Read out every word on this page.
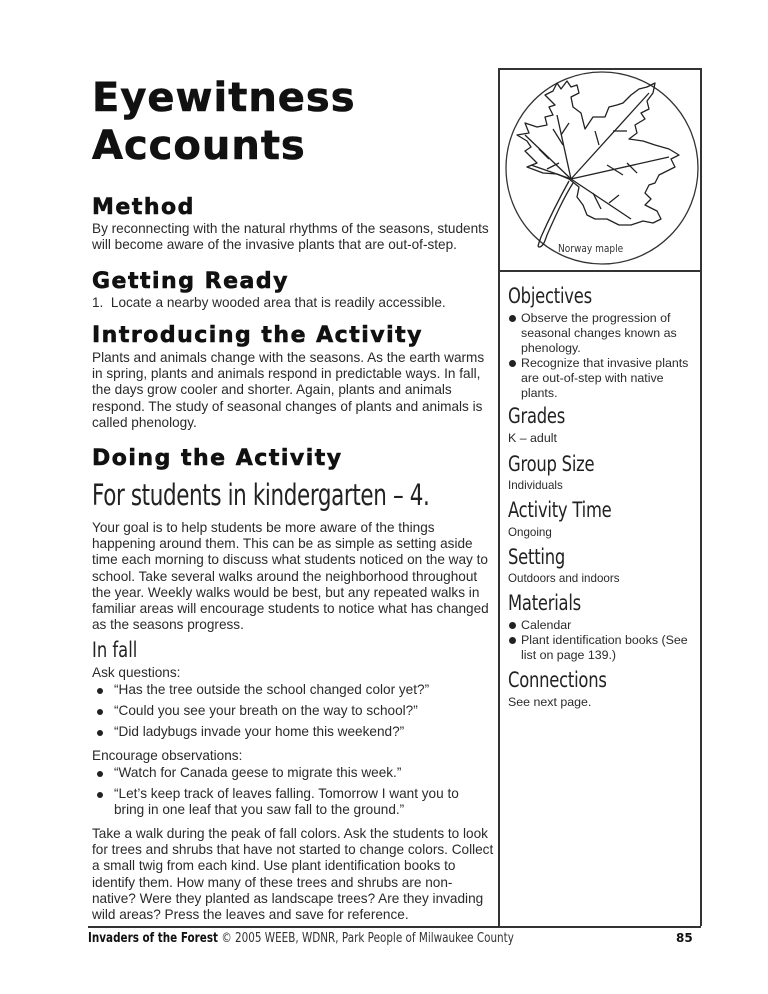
Eyewitness
Accounts
Method
By reconnecting with the natural rhythms of the seasons, students will become aware of the invasive plants that are out-of-step.
Getting Ready
1.  Locate a nearby wooded area that is readily accessible.
Introducing the Activity
Plants and animals change with the seasons. As the earth warms in spring, plants and animals respond in predictable ways. In fall, the days grow cooler and shorter. Again, plants and animals respond. The study of seasonal changes of plants and animals is called phenology.
Doing the Activity
For students in kindergarten – 4.
Your goal is to help students be more aware of the things happening around them. This can be as simple as setting aside time each morning to discuss what students noticed on the way to school. Take several walks around the neighborhood throughout the year. Weekly walks would be best, but any repeated walks in familiar areas will encourage students to notice what has changed as the seasons progress.
In fall
Ask questions:
“Has the tree outside the school changed color yet?”
“Could you see your breath on the way to school?”
“Did ladybugs invade your home this weekend?”
Encourage observations:
“Watch for Canada geese to migrate this week.”
“Let’s keep track of leaves falling. Tomorrow I want you to bring in one leaf that you saw fall to the ground.”
Take a walk during the peak of fall colors. Ask the students to look for trees and shrubs that have not started to change colors. Collect a small twig from each kind. Use plant identification books to identify them. How many of these trees and shrubs are non-native? Were they planted as landscape trees? Are they invading wild areas? Press the leaves and save for reference.
Norway maple
Objectives
Observe the progression of seasonal changes known as phenology.
Recognize that invasive plants are out-of-step with native plants.
Grades
K – adult
Group Size
Individuals
Activity Time
Ongoing
Setting
Outdoors and indoors
Materials
Calendar
Plant identification books (See list on page 139.)
Connections
See next page.
Invaders of the Forest © 2005 WEEB, WDNR, Park People of Milwaukee County	85
